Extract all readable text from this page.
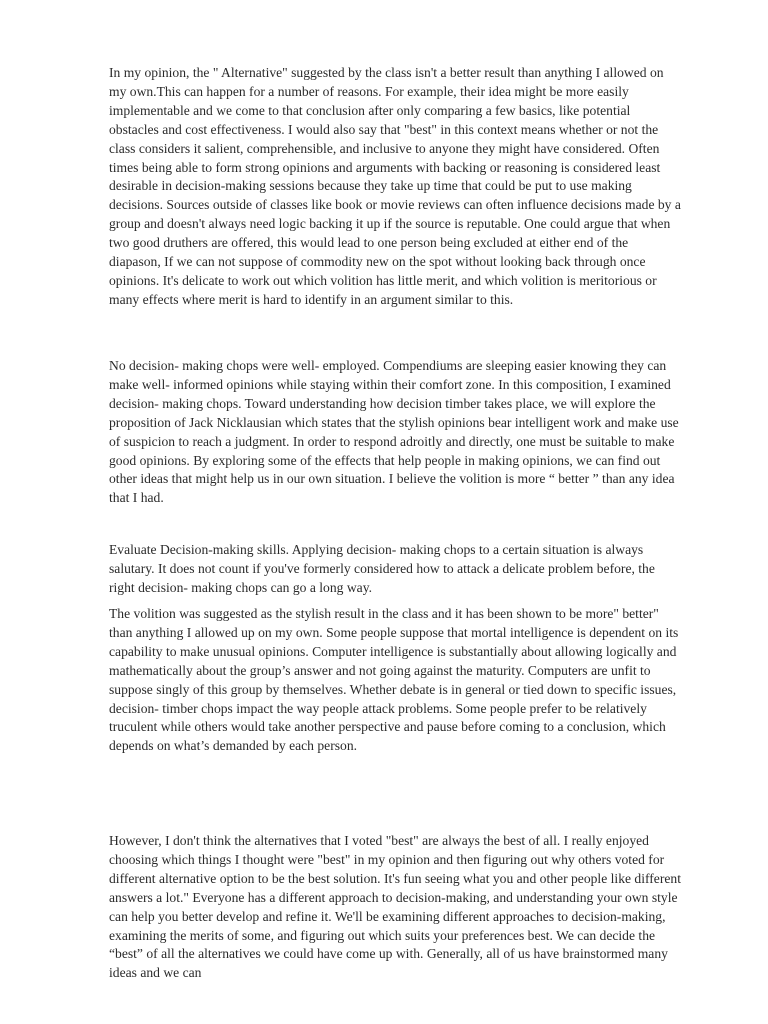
In my opinion, the " Alternative" suggested by the class isn't a better result than anything I allowed on my own.This can happen for a number of reasons. For example, their idea might be more easily implementable and we come to that conclusion after only comparing a few basics, like potential obstacles and cost effectiveness. I would also say that "best" in this context means whether or not the class considers it salient, comprehensible, and inclusive to anyone they might have considered. Often times being able to form strong opinions and arguments with backing or reasoning is considered least desirable in decision-making sessions because they take up time that could be put to use making decisions. Sources outside of classes like book or movie reviews can often influence decisions made by a group and doesn't always need logic backing it up if the source is reputable. One could argue that when two good druthers are offered, this would lead to one person being excluded at either end of the diapason, If we can not suppose of commodity new on the spot without looking back through once opinions. It's delicate to work out which volition has little merit, and which volition is meritorious or many effects where merit is hard to identify in an argument similar to this.

No decision- making chops were well- employed. Compendiums are sleeping easier knowing they can make well- informed opinions while staying within their comfort zone. In this composition, I examined decision- making chops. Toward understanding how decision timber takes place, we will explore the proposition of Jack Nicklausian which states that the stylish opinions bear intelligent work and make use of suspicion to reach a judgment. In order to respond adroitly and directly, one must be suitable to make good opinions. By exploring some of the effects that help people in making opinions, we can find out other ideas that might help us in our own situation. I believe the volition is more “ better ” than any idea that I had.

Evaluate Decision-making skills. Applying decision- making chops to a certain situation is always salutary. It does not count if you've formerly considered how to attack a delicate problem before, the right decision- making chops can go a long way.

The volition was suggested as the stylish result in the class and it has been shown to be more" better" than anything I allowed up on my own. Some people suppose that mortal intelligence is dependent on its capability to make unusual opinions. Computer intelligence is substantially about allowing logically and mathematically about the group’s answer and not going against the maturity. Computers are unfit to suppose singly of this group by themselves. Whether debate is in general or tied down to specific issues, decision- timber chops impact the way people attack problems. Some people prefer to be relatively truculent while others would take another perspective and pause before coming to a conclusion, which depends on what’s demanded by each person.

However, I don't think the alternatives that I voted "best" are always the best of all. I really enjoyed choosing which things I thought were "best" in my opinion and then figuring out why others voted for different alternative option to be the best solution. It's fun seeing what you and other people like different answers a lot." Everyone has a different approach to decision-making, and understanding your own style can help you better develop and refine it. We'll be examining different approaches to decision-making, examining the merits of some, and figuring out which suits your preferences best. We can decide the “best” of all the alternatives we could have come up with. Generally, all of us have brainstormed many ideas and we can
